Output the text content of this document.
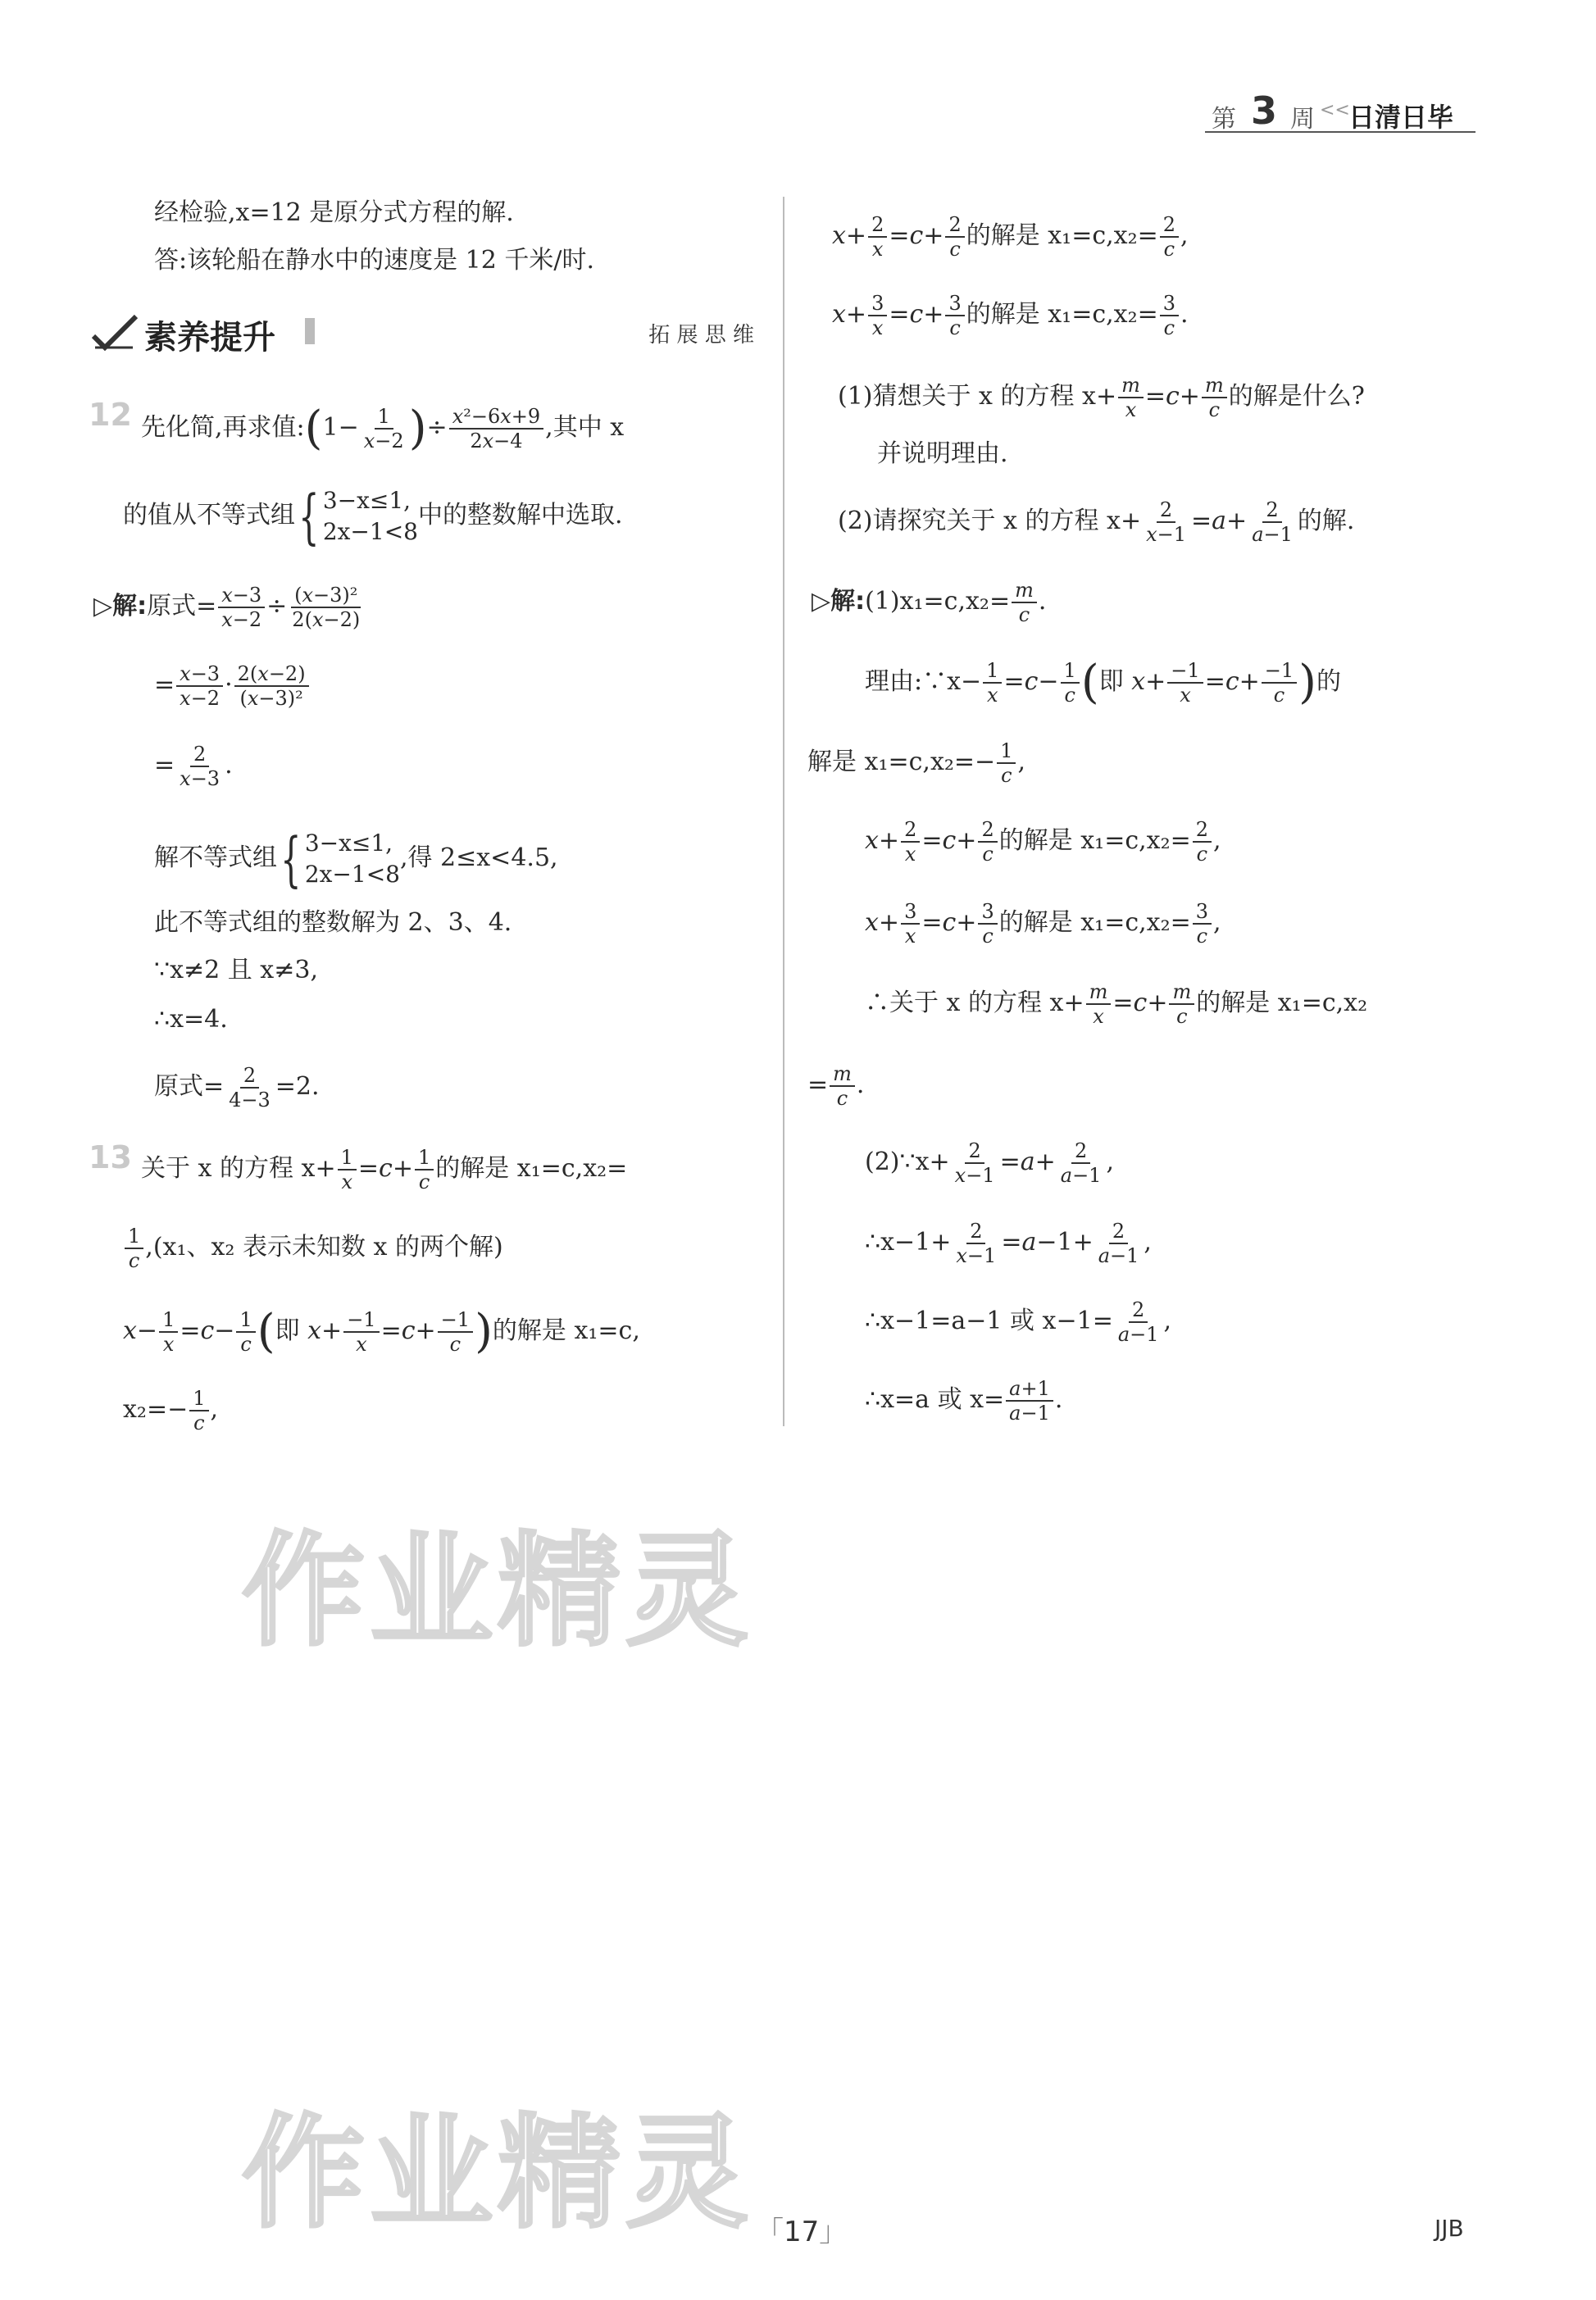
第 3 周 <<
日清日毕
经检验,x=12 是原分式方程的解.
答:该轮船在静水中的速度是 12 千米/时.
素养提升	拓 展 思 维
12 先化简,再求值:(1− $\frac{1}{x-2}$ )÷ $\frac{\text{x²−6x+9}}{2x-4}$ ,其中 x
的值从不等式组{ 3−x≤1,
2x−1<8
中的整数解中选取.
▷解:原式= $\frac{x-3}{x-2} \div \frac{\text{(x−3)²}}{2(x-2)}$
= $\frac{x-3}{x-2} \cdot \frac{2(x-2)}{\text{(x−3)²}}$
= $\frac{2}{x-3}$ .
解不等式组{ 3−x≤1,
2x−1<8
,得 2≤x<4.5,
此不等式组的整数解为 2、3、4.
∵x≠2 且 x≠3,
∴x=4.
原式= $\frac{2}{4-3} =2$.
13 关于 x 的方程 $x+ \frac{1}{x} =c+ \frac{1}{c}$ 的解是 x₁=c,x₂=
$\frac{1}{c} ,(x_1$、x₂ 表示未知数 x 的两个解)
$x- \frac{1}{x} =c- \frac{1}{c}$ (即 $x+ \frac{-1}{x} =c+ \frac{-1}{c}$ )的解是 x₁=c,
$x_2=- \frac{1}{c}$ ,
$x+ \frac{2}{x} =c+ \frac{2}{c}$ 的解是 $x_1=c,x_2= \frac{2}{c}$ ,
$x+ \frac{3}{x} =c+ \frac{3}{c}$ 的解是 $x_1=c,x_2= \frac{3}{c}$ .
(1)猜想关于 x 的方程 $x+ \frac{m}{x} =c+ \frac{m}{c}$ 的解是什么?
并说明理由.
(2)请探究关于 x 的方程 $x+ \frac{2}{x-1} =a+ \frac{2}{a-1}$ 的解.
▷解:(1)x₁=c,x₂= $\frac{m}{c}$ .
理由:∵x− $\frac{1}{x} =c- \frac{1}{c}$ (即 $x+ \frac{-1}{x} =c+ \frac{-1}{c}$ )的
解是 $x_1=c,x_2=- \frac{1}{c}$ ,
$x+ \frac{2}{x} =c+ \frac{2}{c}$ 的解是 $x_1=c,x_2= \frac{2}{c}$ ,
$x+ \frac{3}{x} =c+ \frac{3}{c}$ 的解是 $x_1=c,x_2= \frac{3}{c}$ ,
∴关于 x 的方程 $x+ \frac{m}{x} =c+ \frac{m}{c}$ 的解是 x₁=c,x₂
= $\frac{m}{c}$ .
(2)∵x+ $\frac{2}{x-1} =a+ \frac{2}{a-1}$ ,
∴x−1+ $\frac{2}{x-1} =a-1+ \frac{2}{a-1}$ ,
∴x−1=a−1 或 $x-1= \frac{2}{a-1}$ ,
∴x=a 或 $x= \frac{a+1}{a-1}$ .
作业精灵
作业精灵 「17」	JJB
